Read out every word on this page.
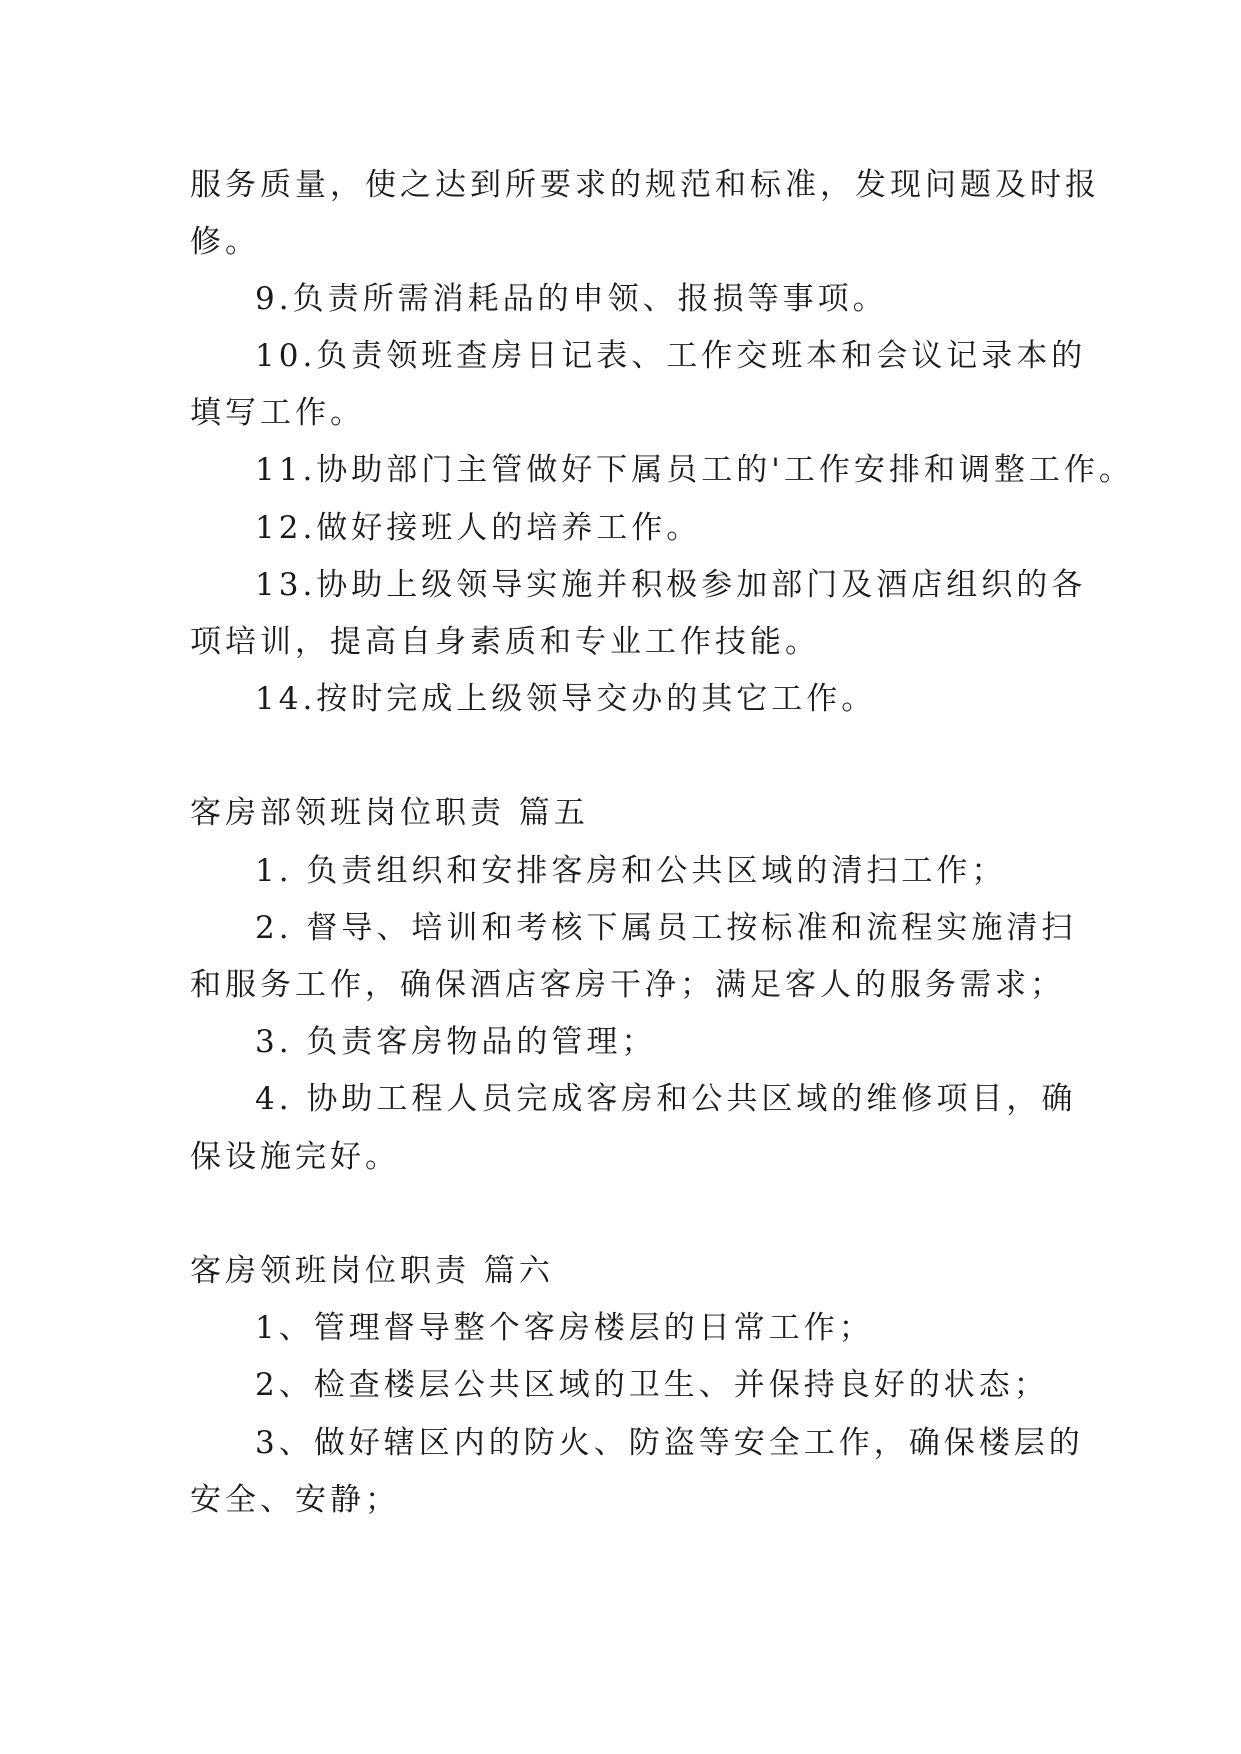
服务质量，使之达到所要求的规范和标准，发现问题及时报
修。
9.负责所需消耗品的申领、报损等事项。
10.负责领班查房日记表、工作交班本和会议记录本的
填写工作。
11.协助部门主管做好下属员工的'工作安排和调整工作。
12.做好接班人的培养工作。
13.协助上级领导实施并积极参加部门及酒店组织的各
项培训，提高自身素质和专业工作技能。
14.按时完成上级领导交办的其它工作。
客房部领班岗位职责 篇五
1. 负责组织和安排客房和公共区域的清扫工作；
2. 督导、培训和考核下属员工按标准和流程实施清扫
和服务工作，确保酒店客房干净；满足客人的服务需求；
3. 负责客房物品的管理；
4. 协助工程人员完成客房和公共区域的维修项目，确
保设施完好。
客房领班岗位职责 篇六
1、管理督导整个客房楼层的日常工作；
2、检查楼层公共区域的卫生、并保持良好的状态；
3、做好辖区内的防火、防盗等安全工作，确保楼层的
安全、安静；
